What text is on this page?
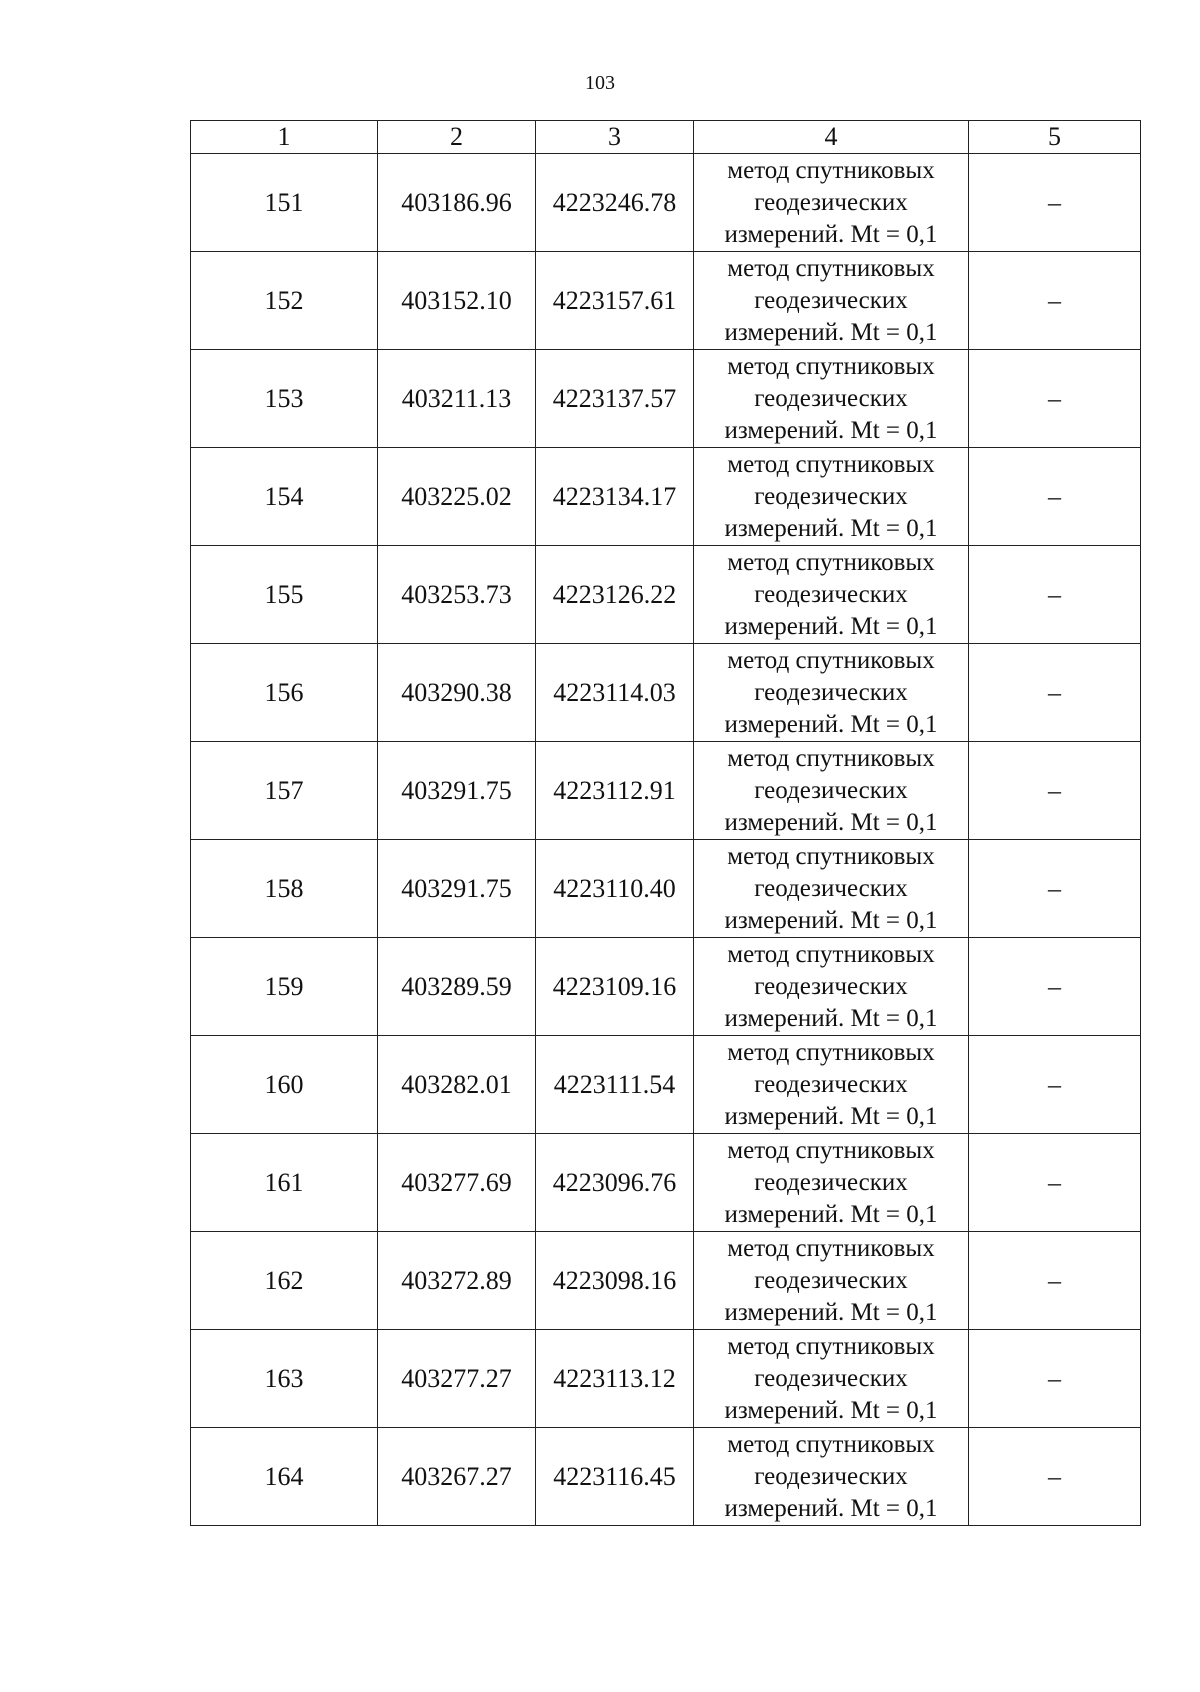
103
1	2	3	4	5
151	403186.96	4223246.78	метод спутниковых
геодезических
измерений. Mt = 0,1	–
152	403152.10	4223157.61	метод спутниковых
геодезических
измерений. Mt = 0,1	–
153	403211.13	4223137.57	метод спутниковых
геодезических
измерений. Mt = 0,1	–
154	403225.02	4223134.17	метод спутниковых
геодезических
измерений. Mt = 0,1	–
155	403253.73	4223126.22	метод спутниковых
геодезических
измерений. Mt = 0,1	–
156	403290.38	4223114.03	метод спутниковых
геодезических
измерений. Mt = 0,1	–
157	403291.75	4223112.91	метод спутниковых
геодезических
измерений. Mt = 0,1	–
158	403291.75	4223110.40	метод спутниковых
геодезических
измерений. Mt = 0,1	–
159	403289.59	4223109.16	метод спутниковых
геодезических
измерений. Mt = 0,1	–
160	403282.01	4223111.54	метод спутниковых
геодезических
измерений. Mt = 0,1	–
161	403277.69	4223096.76	метод спутниковых
геодезических
измерений. Mt = 0,1	–
162	403272.89	4223098.16	метод спутниковых
геодезических
измерений. Mt = 0,1	–
163	403277.27	4223113.12	метод спутниковых
геодезических
измерений. Mt = 0,1	–
164	403267.27	4223116.45	метод спутниковых
геодезических
измерений. Mt = 0,1	–
